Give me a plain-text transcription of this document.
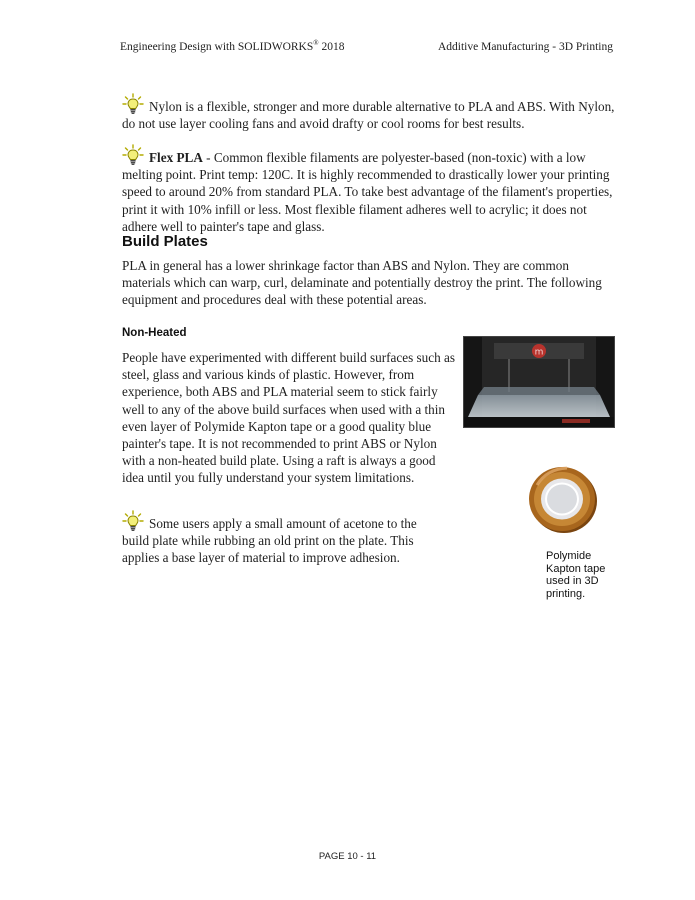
Engineering Design with SOLIDWORKS® 2018	Additive Manufacturing - 3D Printing
Nylon is a flexible, stronger and more durable alternative to PLA and ABS. With Nylon, do not use layer cooling fans and avoid drafty or cool rooms for best results.
Flex PLA - Common flexible filaments are polyester-based (non-toxic) with a low melting point. Print temp: 120C. It is highly recommended to drastically lower your printing speed to around 20% from standard PLA. To take best advantage of the filament's properties, print it with 10% infill or less. Most flexible filament adheres well to acrylic; it does not adhere well to painter's tape and glass.
Build Plates
PLA in general has a lower shrinkage factor than ABS and Nylon. They are common materials which can warp, curl, delaminate and potentially destroy the print. The following equipment and procedures deal with these potential areas.
Non-Heated
People have experimented with different build surfaces such as steel, glass and various kinds of plastic. However, from experience, both ABS and PLA material seem to stick fairly well to any of the above build surfaces when used with a thin even layer of Polymide Kapton tape or a good quality blue painter's tape. It is not recommended to print ABS or Nylon with a non-heated build plate. Using a raft is always a good idea until you fully understand your system limitations.
Some users apply a small amount of acetone to the build plate while rubbing an old print on the plate. This applies a base layer of material to improve adhesion.
m
Polymide Kapton tape used in 3D printing.
PAGE 10 - 11
